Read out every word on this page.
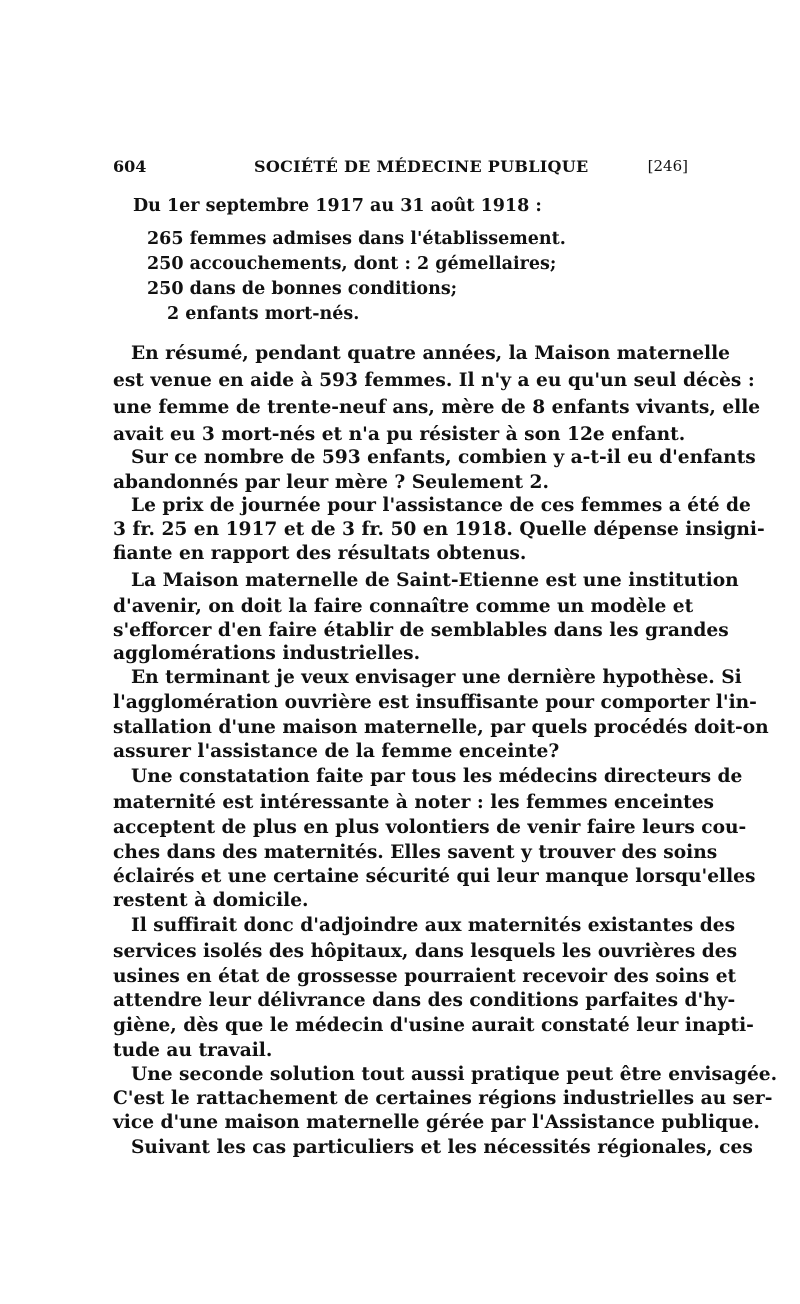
604	SOCIÉTÉ DE MÉDECINE PUBLIQUE	[246]
Du 1er septembre 1917 au 31 août 1918 :
265 femmes admises dans l'établissement.
250 accouchements, dont : 2 gémellaires;
250 dans de bonnes conditions;
2 enfants mort-nés.
En résumé, pendant quatre années, la Maison maternelle
est venue en aide à 593 femmes. Il n'y a eu qu'un seul décès :
une femme de trente-neuf ans, mère de 8 enfants vivants, elle
avait eu 3 mort-nés et n'a pu résister à son 12e enfant.
Sur ce nombre de 593 enfants, combien y a-t-il eu d'enfants
abandonnés par leur mère ? Seulement 2.
Le prix de journée pour l'assistance de ces femmes a été de
3 fr. 25 en 1917 et de 3 fr. 50 en 1918. Quelle dépense insigni-
fiante en rapport des résultats obtenus.
La Maison maternelle de Saint-Etienne est une institution
d'avenir, on doit la faire connaître comme un modèle et
s'efforcer d'en faire établir de semblables dans les grandes
agglomérations industrielles.
En terminant je veux envisager une dernière hypothèse. Si
l'agglomération ouvrière est insuffisante pour comporter l'in-
stallation d'une maison maternelle, par quels procédés doit-on
assurer l'assistance de la femme enceinte?
Une constatation faite par tous les médecins directeurs de
maternité est intéressante à noter : les femmes enceintes
acceptent de plus en plus volontiers de venir faire leurs cou-
ches dans des maternités. Elles savent y trouver des soins
éclairés et une certaine sécurité qui leur manque lorsqu'elles
restent à domicile.
Il suffirait donc d'adjoindre aux maternités existantes des
services isolés des hôpitaux, dans lesquels les ouvrières des
usines en état de grossesse pourraient recevoir des soins et
attendre leur délivrance dans des conditions parfaites d'hy-
giène, dès que le médecin d'usine aurait constaté leur inapti-
tude au travail.
Une seconde solution tout aussi pratique peut être envisagée.
C'est le rattachement de certaines régions industrielles au ser-
vice d'une maison maternelle gérée par l'Assistance publique.
Suivant les cas particuliers et les nécessités régionales, ces
